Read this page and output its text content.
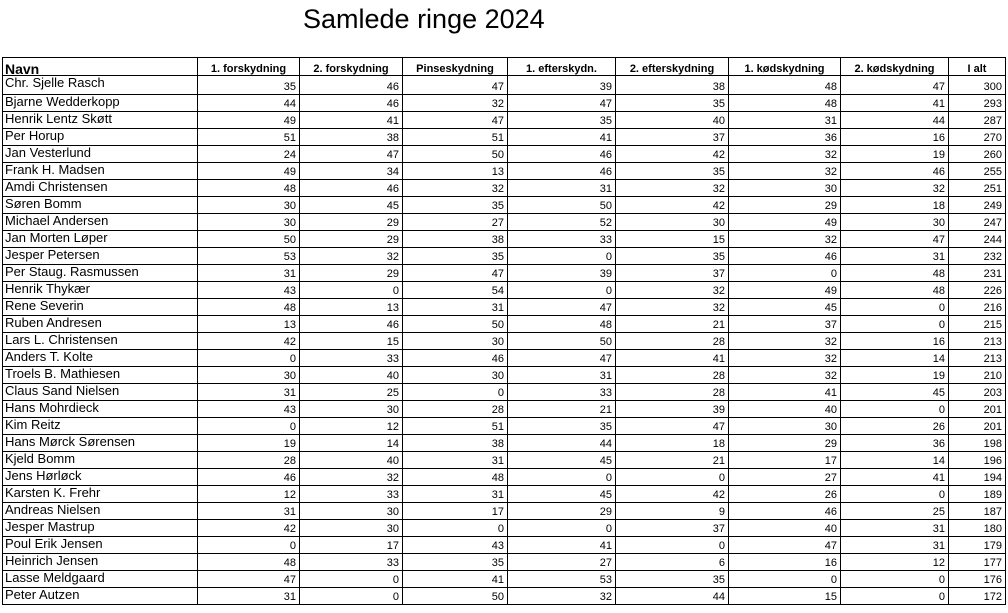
Samlede ringe 2024
Navn	1. forskydning	2. forskydning	Pinseskydning	1. efterskydn.	2. efterskydning	1. kødskydning	2. kødskydning	I alt
Chr. Sjelle Rasch	35	46	47	39	38	48	47	300
Bjarne Wedderkopp	44	46	32	47	35	48	41	293
Henrik Lentz Skøtt	49	41	47	35	40	31	44	287
Per Horup	51	38	51	41	37	36	16	270
Jan Vesterlund	24	47	50	46	42	32	19	260
Frank H. Madsen	49	34	13	46	35	32	46	255
Amdi Christensen	48	46	32	31	32	30	32	251
Søren Bomm	30	45	35	50	42	29	18	249
Michael Andersen	30	29	27	52	30	49	30	247
Jan Morten Løper	50	29	38	33	15	32	47	244
Jesper Petersen	53	32	35	0	35	46	31	232
Per Staug. Rasmussen	31	29	47	39	37	0	48	231
Henrik Thykær	43	0	54	0	32	49	48	226
Rene Severin	48	13	31	47	32	45	0	216
Ruben Andresen	13	46	50	48	21	37	0	215
Lars L. Christensen	42	15	30	50	28	32	16	213
Anders T. Kolte	0	33	46	47	41	32	14	213
Troels B. Mathiesen	30	40	30	31	28	32	19	210
Claus Sand Nielsen	31	25	0	33	28	41	45	203
Hans Mohrdieck	43	30	28	21	39	40	0	201
Kim Reitz	0	12	51	35	47	30	26	201
Hans Mørck Sørensen	19	14	38	44	18	29	36	198
Kjeld Bomm	28	40	31	45	21	17	14	196
Jens Hørløck	46	32	48	0	0	27	41	194
Karsten K. Frehr	12	33	31	45	42	26	0	189
Andreas Nielsen	31	30	17	29	9	46	25	187
Jesper Mastrup	42	30	0	0	37	40	31	180
Poul Erik Jensen	0	17	43	41	0	47	31	179
Heinrich Jensen	48	33	35	27	6	16	12	177
Lasse Meldgaard	47	0	41	53	35	0	0	176
Peter Autzen	31	0	50	32	44	15	0	172
